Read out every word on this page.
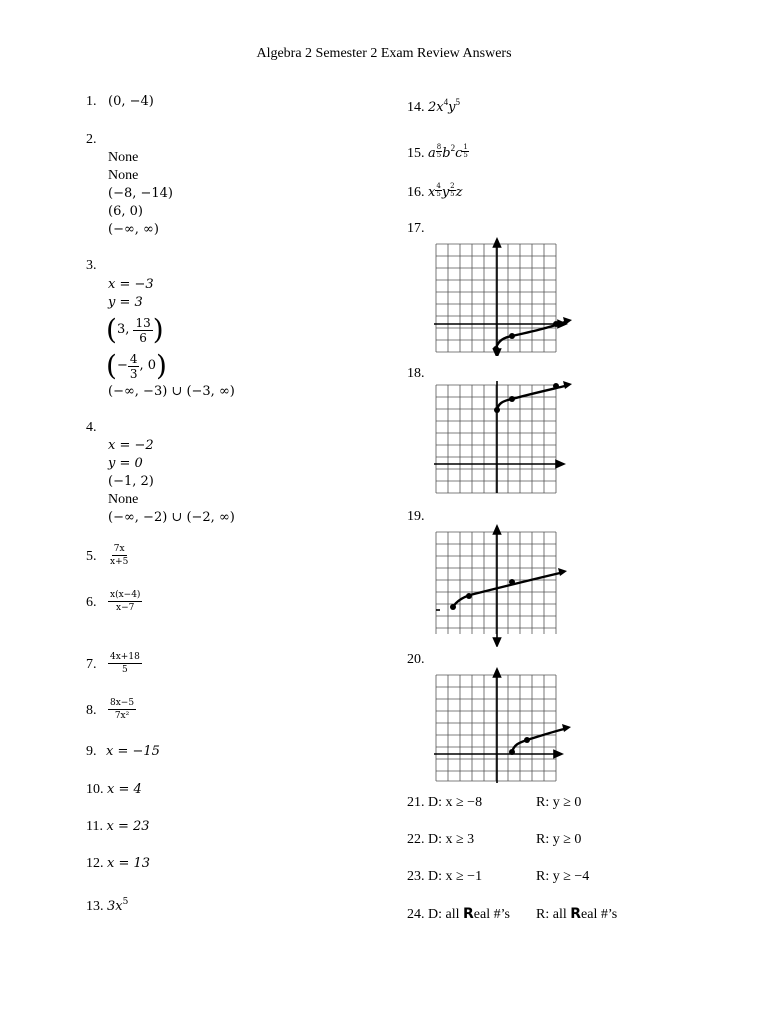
Algebra 2 Semester 2 Exam Review Answers
1. (0, −4)
2.
None
None
(−8, −14)
(6, 0)
(−∞, ∞)
3.
x = −3
y = 3
(3, $\frac{13}{6}$ )
(− $\frac{4}{3}$ , 0)
(−∞, −3) ∪ (−3, ∞)
4.
x = −2
y = 0
(−1, 2)
None
(−∞, −2) ∪ (−2, ∞)
5. $\frac{7x}{x+5}$
6. $\frac{x(x-4)}{x-7}$
7. $\frac{4x+18}{5}$
8. $\frac{8x-5}{\text{7x²}}$
9. x = −15
10. x = 4
11. x = 23
12. x = 13
13. $3x^5$
14. $2x^4y^5$
15. a $\frac{8}{5} b^2c \frac{1}{5}$
16. x $\frac{4}{5}$ y $\frac{2}{5}$ z
17.
18.
19.
20.
21. D: x ≥ −8	R: y ≥ 0
22. D: x ≥ 3	R: y ≥ 0
23. D: x ≥ −1	R: y ≥ −4
24. D: all Real #’s R: all Real #’s
